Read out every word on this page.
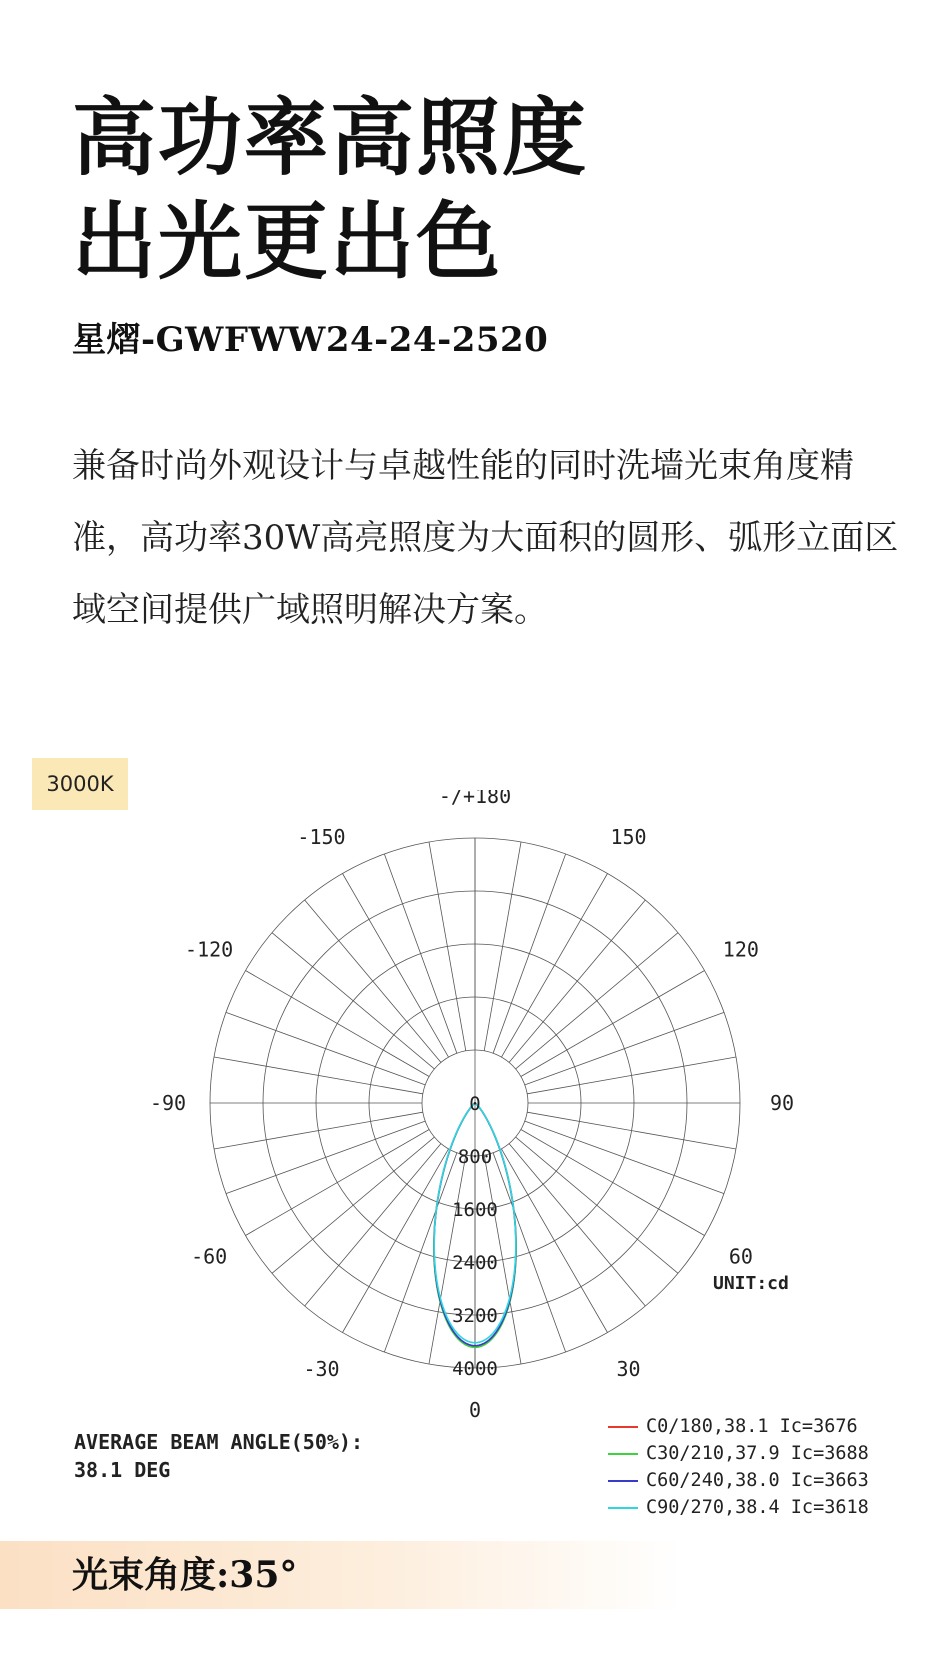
高功率高照度
出光更出色
星熠-GWFWW24-24-2520

兼备时尚外观设计与卓越性能的同时洗墙光束角度精准，高功率30W高亮照度为大面积的圆形、弧形立面区域空间提供广域照明解决方案。

3000K
0
800
1600
2400
3200
4000
-/+180
150
-150
120
-120
90
-90
60
-60
30
-30
0
UNIT:cd

AVERAGE BEAM ANGLE(50%):
38.1 DEG

C0/180,38.1 Ic=3676
C30/210,37.9 Ic=3688
C60/240,38.0 Ic=3663
C90/270,38.4 Ic=3618
光束角度:35°
